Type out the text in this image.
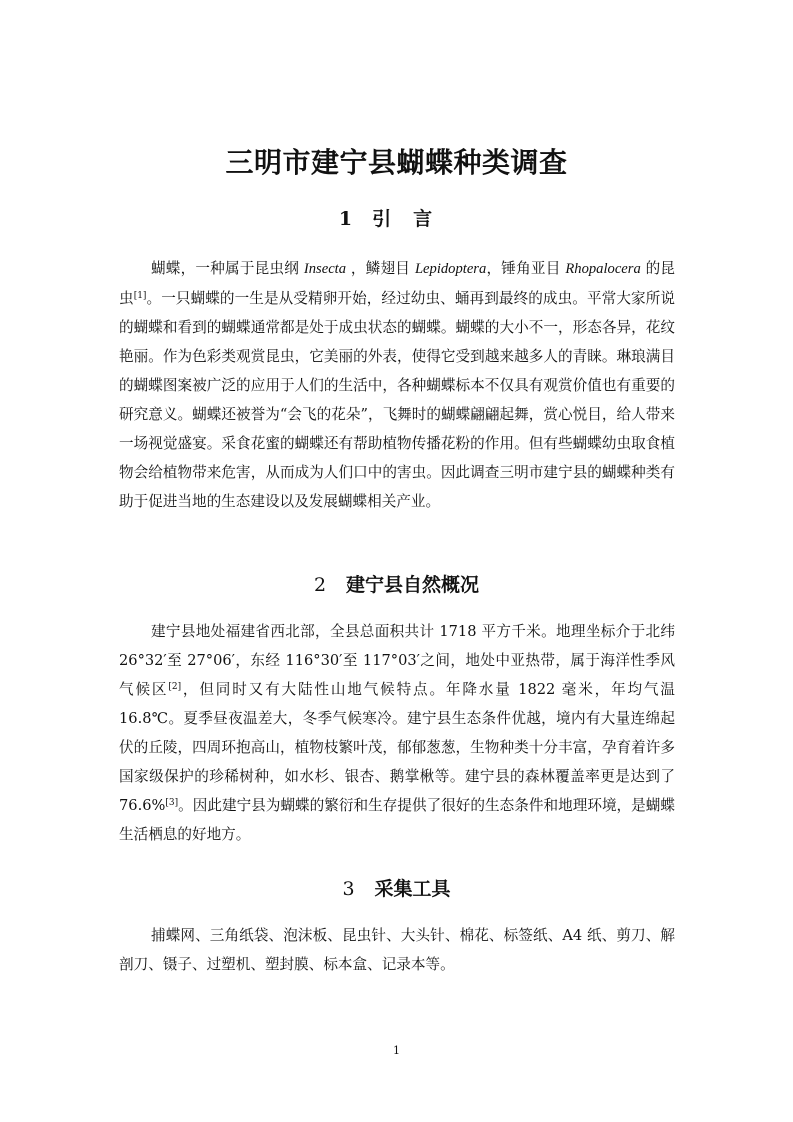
三明市建宁县蝴蝶种类调查
1 引言

蝴蝶，一种属于昆虫纲 Insecta ，鳞翅目 Lepidoptera，锤角亚目 Rhopalocera 的昆虫[1]。一只蝴蝶的一生是从受精卵开始，经过幼虫、蛹再到最终的成虫。平常大家所说的蝴蝶和看到的蝴蝶通常都是处于成虫状态的蝴蝶。蝴蝶的大小不一，形态各异，花纹艳丽。作为色彩类观赏昆虫，它美丽的外表，使得它受到越来越多人的青睐。琳琅满目的蝴蝶图案被广泛的应用于人们的生活中，各种蝴蝶标本不仅具有观赏价值也有重要的研究意义。蝴蝶还被誉为“会飞的花朵”，飞舞时的蝴蝶翩翩起舞，赏心悦目，给人带来一场视觉盛宴。采食花蜜的蝴蝶还有帮助植物传播花粉的作用。但有些蝴蝶幼虫取食植物会给植物带来危害，从而成为人们口中的害虫。因此调查三明市建宁县的蝴蝶种类有助于促进当地的生态建设以及发展蝴蝶相关产业。

2 建宁县自然概况

建宁县地处福建省西北部，全县总面积共计 1718 平方千米。地理坐标介于北纬 26°32′至 27°06′，东经 116°30′至 117°03′之间，地处中亚热带，属于海洋性季风气候区[2]，但同时又有大陆性山地气候特点。年降水量 1822 毫米，年均气温 16.8℃。夏季昼夜温差大，冬季气候寒冷。建宁县生态条件优越，境内有大量连绵起伏的丘陵，四周环抱高山，植物枝繁叶茂，郁郁葱葱，生物种类十分丰富，孕育着许多国家级保护的珍稀树种，如水杉、银杏、鹅掌楸等。建宁县的森林覆盖率更是达到了 76.6%[3]。因此建宁县为蝴蝶的繁衍和生存提供了很好的生态条件和地理环境，是蝴蝶生活栖息的好地方。

3 采集工具

捕蝶网、三角纸袋、泡沫板、昆虫针、大头针、棉花、标签纸、A4 纸、剪刀、解剖刀、镊子、过塑机、塑封膜、标本盒、记录本等。

1
